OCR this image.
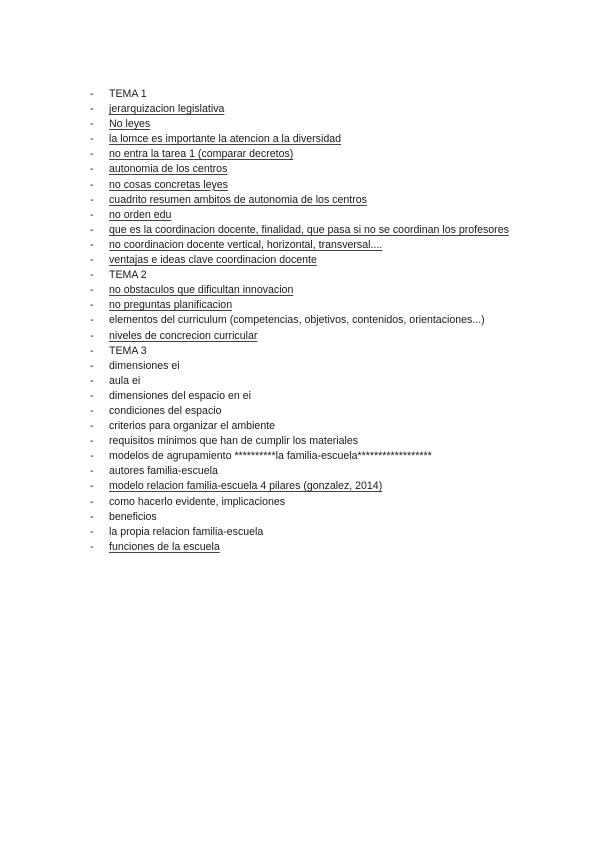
-	TEMA 1
-	jerarquizacion legislativa
-	No leyes
-	la lomce es importante la atencion a la diversidad
-	no entra la tarea 1 (comparar decretos)
-	autonomia de los centros
-	no cosas concretas leyes
-	cuadrito resumen ambitos de autonomia de los centros
-	no orden edu
-	que es la coordinacion docente, finalidad, que pasa si no se coordinan los profesores
-	no coordinacion docente vertical, horizontal, transversal....
-	ventajas e ideas clave coordinacion docente
-	TEMA 2
-	no obstaculos que dificultan innovacion
-	no preguntas planificacion
-	elementos del curriculum (competencias, objetivos, contenidos, orientaciones...)
-	niveles de concrecion curricular
-	TEMA 3
-	dimensiones ei
-	aula ei
-	dimensiones del espacio en ei
-	condiciones del espacio
-	criterios para organizar el ambiente
-	requisitos minimos que han de cumplir los materiales
-	modelos de agrupamiento **********la familia-escuela******************
-	autores familia-escuela
-	modelo relacion familia-escuela 4 pilares (gonzalez, 2014)
-	como hacerlo evidente, implicaciones
-	beneficios
-	la propia relacion familia-escuela
-	funciones de la escuela
